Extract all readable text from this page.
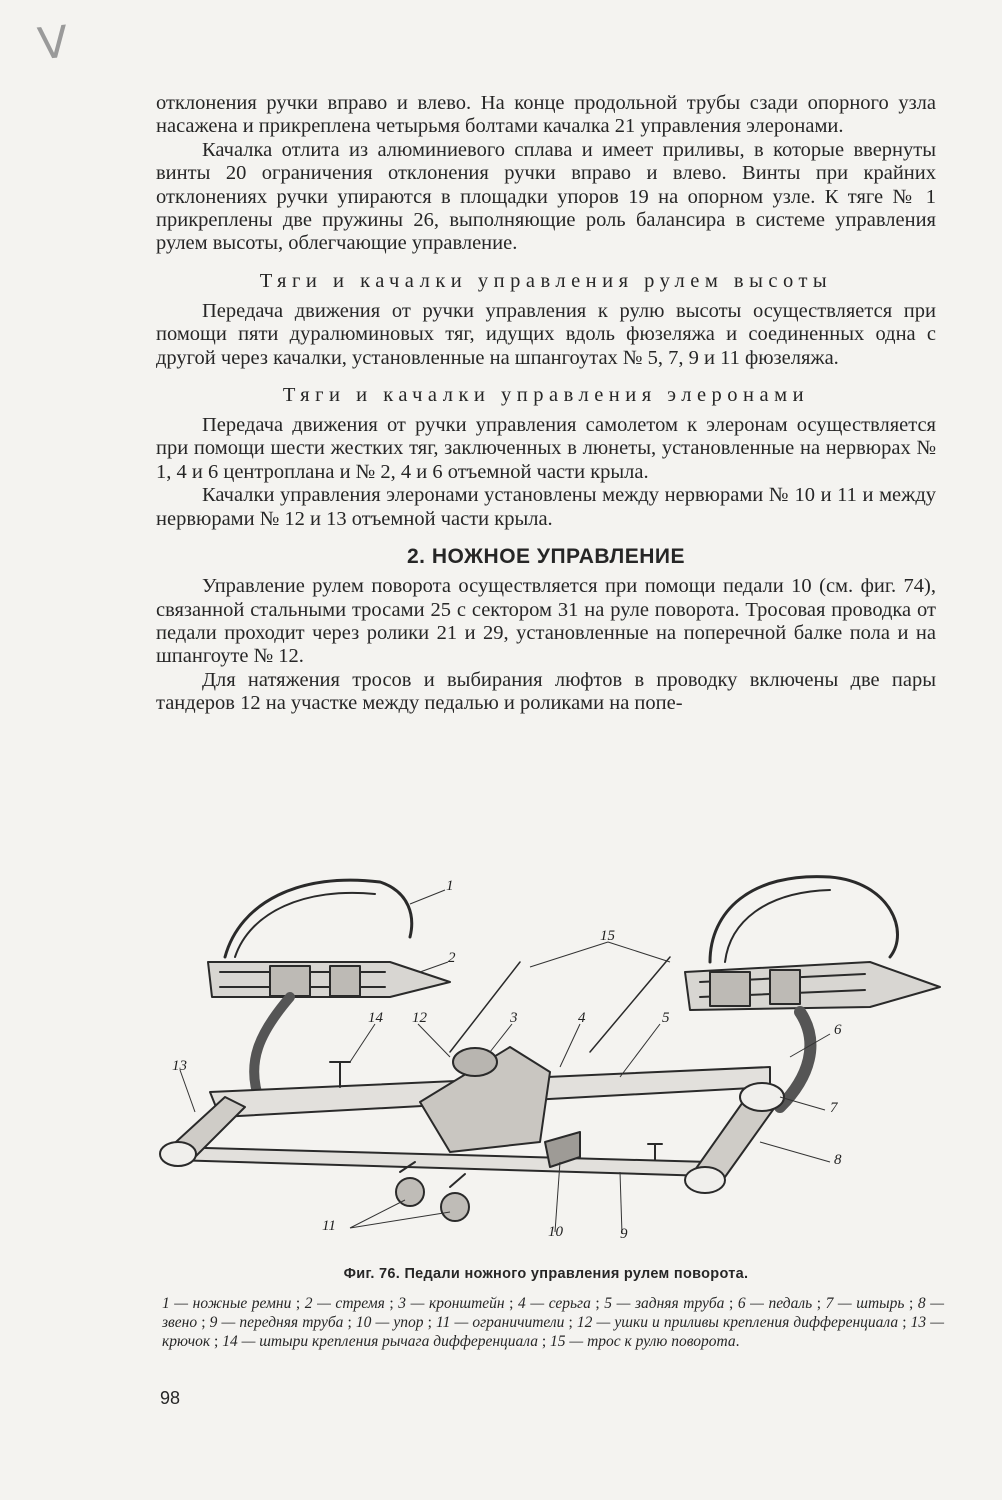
V

отклонения ручки вправо и влево. На конце продольной трубы сзади опорного узла насажена и прикреплена четырьмя болтами качалка 21 управления элеронами.

Качалка отлита из алюминиевого сплава и имеет приливы, в которые ввернуты винты 20 ограничения отклонения ручки вправо и влево. Винты при крайних отклонениях ручки упираются в площадки упоров 19 на опорном узле. К тяге № 1 прикреплены две пружины 26, выполняющие роль балансира в системе управления рулем высоты, облегчающие управление.

Тяги и качалки управления рулем высоты

Передача движения от ручки управления к рулю высоты осуществляется при помощи пяти дуралюминовых тяг, идущих вдоль фюзеляжа и соединенных одна с другой через качалки, установленные на шпангоутах № 5, 7, 9 и 11 фюзеляжа.

Тяги и качалки управления элеронами

Передача движения от ручки управления самолетом к элеронам осуществляется при помощи шести жестких тяг, заключенных в люнеты, установленные на нервюрах № 1, 4 и 6 центроплана и № 2, 4 и 6 отъемной части крыла.

Качалки управления элеронами установлены между нервюрами № 10 и 11 и между нервюрами № 12 и 13 отъемной части крыла.

2. НОЖНОЕ УПРАВЛЕНИЕ

Управление рулем поворота осуществляется при помощи педали 10 (см. фиг. 74), связанной стальными тросами 25 с сектором 31 на руле поворота. Тросовая проводка от педали проходит через ролики 21 и 29, установленные на поперечной балке пола и на шпангоуте № 12.

Для натяжения тросов и выбирания люфтов в проводку включены две пары тандеров 12 на участке между педалью и роликами на попе-

1
2
15
3	4	5
12
14
13
6
7
8
11	10	9
Фиг. 76. Педали ножного управления рулем поворота.
1 — ножные ремни ; 2 — стремя ; 3 — кронштейн ; 4 — серьга ; 5 — задняя труба ; 6 — педаль ; 7 — штырь ; 8 — звено ; 9 — передняя труба ; 10 — упор ; 11 — ограничители ; 12 — ушки и приливы крепления дифференциала ; 13 — крючок ; 14 — штыри крепления рычага дифференциала ; 15 — трос к рулю поворота.
98
